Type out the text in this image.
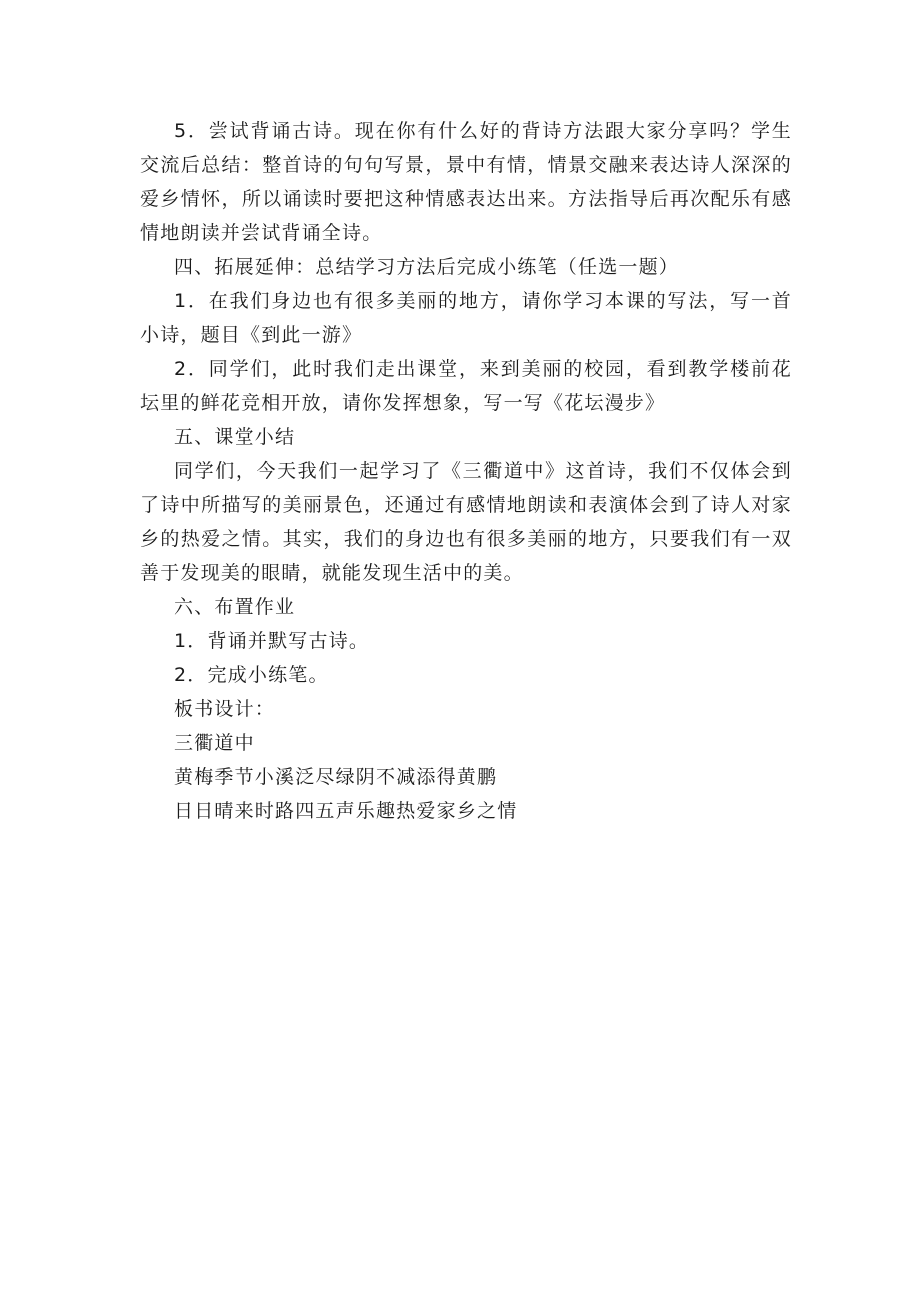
5．尝试背诵古诗。现在你有什么好的背诗方法跟大家分享吗？学生交流后总结：整首诗的句句写景，景中有情，情景交融来表达诗人深深的爱乡情怀，所以诵读时要把这种情感表达出来。方法指导后再次配乐有感情地朗读并尝试背诵全诗。

四、拓展延伸：总结学习方法后完成小练笔（任选一题）

1．在我们身边也有很多美丽的地方，请你学习本课的写法，写一首小诗，题目《到此一游》

2．同学们，此时我们走出课堂，来到美丽的校园，看到教学楼前花坛里的鲜花竞相开放，请你发挥想象，写一写《花坛漫步》

五、课堂小结

同学们，今天我们一起学习了《三衢道中》这首诗，我们不仅体会到了诗中所描写的美丽景色，还通过有感情地朗读和表演体会到了诗人对家乡的热爱之情。其实，我们的身边也有很多美丽的地方，只要我们有一双善于发现美的眼睛，就能发现生活中的美。

六、布置作业

1．背诵并默写古诗。

2．完成小练笔。

板书设计：

三衢道中

黄梅季节小溪泛尽绿阴不减添得黄鹏

日日晴来时路四五声乐趣热爱家乡之情
